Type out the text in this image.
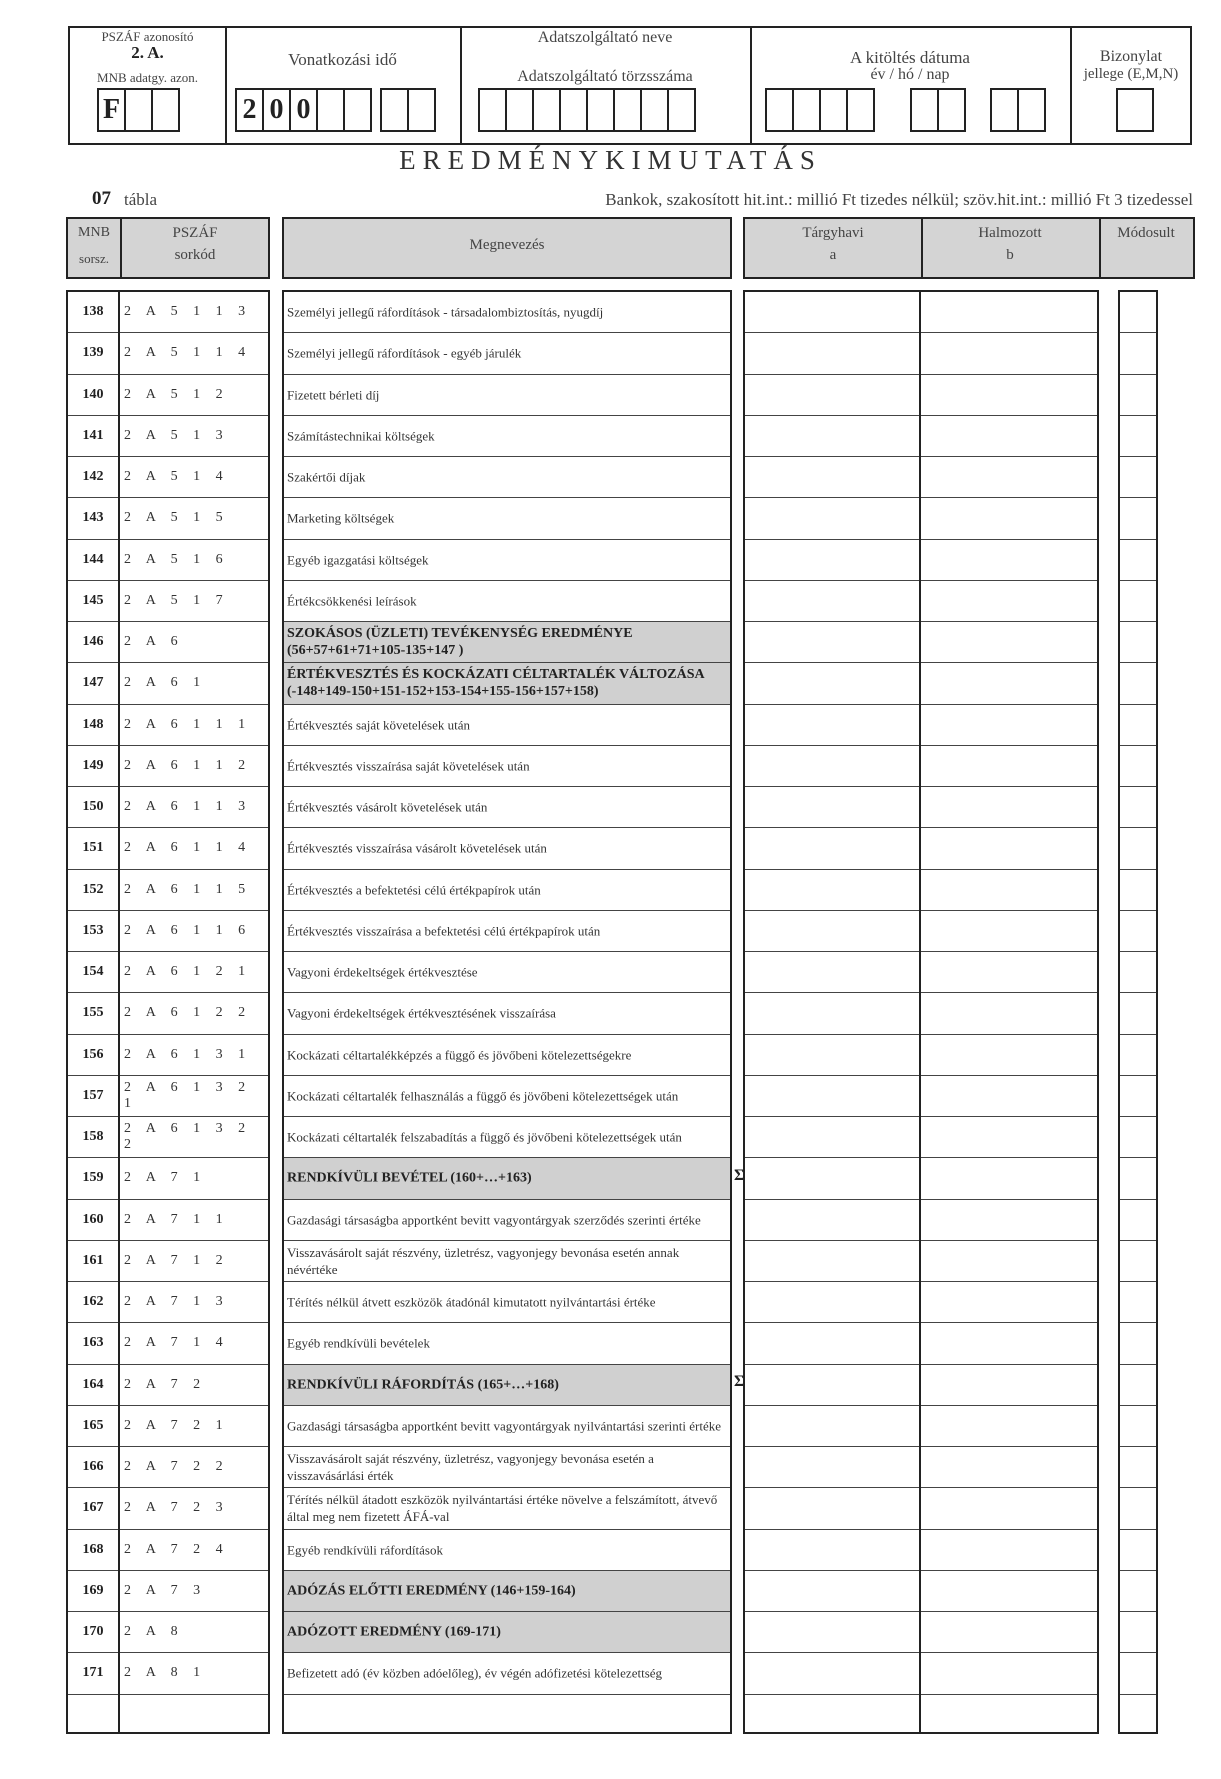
PSZÁF azonosító
2. A.
MNB adatgy. azon.
F
Vonatkozási idő
2 0 0
Adatszolgáltató neve
Adatszolgáltató törzsszáma
A kitöltés dátuma
év / hó / nap
Bizonylat
jellege (E,M,N)
EREDMÉNYKIMUTATÁS
07 tábla	Bankok, szakosított hit.int.: millió Ft tizedes nélkül; szöv.hit.int.: millió Ft 3 tizedessel
MNB
sorsz.
PSZÁF
sorkód
Megnevezés
Tárgyhavi
a
Halmozott
b
Módosult
138
139
140
141
142
143
144
145
146
147
148
149
150
151
152
153
154
155
156
157
158
159
160
161
162
163
164
165
166
167
168
169
170
171
2 A 5 1 1 3
2 A 5 1 1 4
2 A 5 1 2
2 A 5 1 3
2 A 5 1 4
2 A 5 1 5
2 A 5 1 6
2 A 5 1 7
2 A 6
2 A 6 1
2 A 6 1 1 1
2 A 6 1 1 2
2 A 6 1 1 3
2 A 6 1 1 4
2 A 6 1 1 5
2 A 6 1 1 6
2 A 6 1 2 1
2 A 6 1 2 2
2 A 6 1 3 1
2 A 6 1 3 2 1
2 A 6 1 3 2 2
2 A 7 1
2 A 7 1 1
2 A 7 1 2
2 A 7 1 3
2 A 7 1 4
2 A 7 2
2 A 7 2 1
2 A 7 2 2
2 A 7 2 3
2 A 7 2 4
2 A 7 3
2 A 8
2 A 8 1
Személyi jellegű ráfordítások - társadalombiztosítás, nyugdíj
Személyi jellegű ráfordítások - egyéb járulék
Fizetett bérleti díj
Számítástechnikai költségek
Szakértői díjak
Marketing költségek
Egyéb igazgatási költségek
Értékcsökkenési leírások
SZOKÁSOS (ÜZLETI) TEVÉKENYSÉG EREDMÉNYE (56+57+61+71+105-135+147 )
ÉRTÉKVESZTÉS ÉS KOCKÁZATI CÉLTARTALÉK VÁLTOZÁSA (-148+149-150+151-152+153-154+155-156+157+158)
Értékvesztés saját követelések után
Értékvesztés visszaírása saját követelések után
Értékvesztés vásárolt követelések után
Értékvesztés visszaírása vásárolt követelések után
Értékvesztés a befektetési célú értékpapírok után
Értékvesztés visszaírása a befektetési célú értékpapírok után
Vagyoni érdekeltségek értékvesztése
Vagyoni érdekeltségek értékvesztésének visszaírása
Kockázati céltartalékképzés a függő és jövőbeni kötelezettségekre
Kockázati céltartalék felhasználás a függő és jövőbeni kötelezettségek után
Kockázati céltartalék felszabadítás a függő és jövőbeni kötelezettségek után
RENDKÍVÜLI BEVÉTEL (160+…+163)
Gazdasági társaságba apportként bevitt vagyontárgyak szerződés szerinti értéke
Visszavásárolt saját részvény, üzletrész, vagyonjegy bevonása esetén annak névértéke
Térítés nélkül átvett eszközök átadónál kimutatott nyilvántartási értéke
Egyéb rendkívüli bevételek
RENDKÍVÜLI RÁFORDÍTÁS (165+…+168)
Gazdasági társaságba apportként bevitt vagyontárgyak nyilvántartási szerinti értéke
Visszavásárolt saját részvény, üzletrész, vagyonjegy bevonása esetén a visszavásárlási érték
Térítés nélkül átadott eszközök nyilvántartási értéke növelve a felszámított, átvevő által meg nem fizetett ÁFÁ-val
Egyéb rendkívüli ráfordítások
ADÓZÁS ELŐTTI EREDMÉNY (146+159-164)
ADÓZOTT EREDMÉNY (169-171)
Befizetett adó (év közben adóelőleg), év végén adófizetési kötelezettség
Σ
Σ
